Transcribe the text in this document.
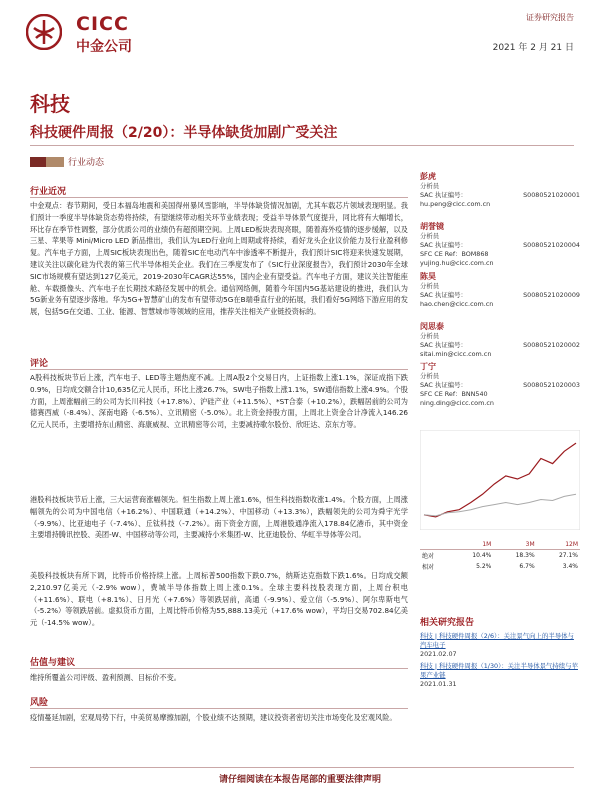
CICC
中金公司
证券研究报告
2021 年 2 月 21 日
科技
科技硬件周报（2/20）：半导体缺货加剧广受关注
行业动态
行业近况
中金观点：春节期间，受日本福岛地震和美国得州暴风雪影响，半导体缺货情况加剧，尤其车载芯片领域表现明显。我们预计一季度半导体缺货态势将持续，有望继续带动相关环节业绩表现；受益半导体景气度提升，同比将有大幅增长，环比存在季节性调整，部分优质公司的业绩仍有超预期空间。上周LED板块表现亮眼，随着海外疫情的逐步缓解，以及三星、苹果等 Mini/Micro LED 新品推出，我们认为LED行业向上周期或将持续，看好龙头企业议价能力及行业盈利修复。汽车电子方面，上周SIC板块表现出色，随着SIC在电动汽车中渗透率不断提升，我们预计SIC将迎来快速发展期，建议关注以碳化硅为代表的第三代半导体相关企业。我们在三季度发布了《SIC行业深度报告》，我们预计2030年全球SIC市场规模有望达到127亿美元，2019-2030年CAGR达55%，国内企业有望受益。汽车电子方面，建议关注智能座舱、车载摄像头、汽车电子在长期技术路径发展中的机会。通信网络侧，随着今年国内5G基站建设的推进，我们认为5G新业务有望逐步落地。华为5G+智慧矿山的发布有望带动5G在B端垂直行业的拓展，我们看好5G网络下游应用的发展，包括5G在交通、工业、能源、智慧城市等领域的应用，推荐关注相关产业链投资标的。
评论
A股科技板块节后上涨，汽车电子、LED等主题热度不减。上周A股2个交易日内，上证指数上涨1.1%，深证成指下跌0.9%，日均成交额合计10,635亿元人民币，环比上涨26.7%，SW电子指数上涨1.1%，SW通信指数上涨4.9%。个股方面，上周涨幅前三的公司为长川科技（+17.8%）、沪硅产业（+11.5%）、*ST合泰（+10.2%），跌幅居前的公司为德赛西威（-8.4%）、深南电路（-6.5%）、立讯精密（-5.0%）。北上资金持股方面，上周北上资金合计净流入146.26亿元人民币，主要增持东山精密、海康威视、立讯精密等公司，主要减持歌尔股份、欣旺达、京东方等。
港股科技板块节后上涨，三大运营商涨幅领先。恒生指数上周上涨1.6%，恒生科技指数收涨1.4%。个股方面，上周涨幅领先的公司为中国电信（+16.2%）、中国联通（+14.2%）、中国移动（+13.3%），跌幅领先的公司为舜宇光学（-9.9%）、比亚迪电子（-7.4%）、丘钛科技（-7.2%）。南下资金方面，上周港股通净流入178.84亿港币，其中资金主要增持腾讯控股、美团-W、中国移动等公司，主要减持小米集团-W、比亚迪股份、华虹半导体等公司。
美股科技板块有所下调，比特币价格持续上涨。上周标普500指数下跌0.7%，纳斯达克指数下跌1.6%。日均成交额2,210.97亿美元（-2.9% wow），费城半导体指数上周上涨0.1%。全球主要科技股表现方面，上周台积电（+11.6%）、联电（+8.1%）、日月光（+7.6%）等领跌居前，高通（-9.9%）、爱立信（-5.9%）、阿尔卑斯电气（-5.2%）等领跌居前。虚拟货币方面，上周比特币价格为55,888.13美元（+17.6% wow），平均日交易702.84亿美元（-14.5% wow）。
估值与建议
维持所覆盖公司评级、盈利预测、目标价不变。
风险
疫情蔓延加剧，宏观局势下行，中美贸易摩擦加剧，个股业绩不达预期，建议投资者密切关注市场变化及宏观风险。
彭虎
分析员
SAC 执证编号：	S0080521020001
hu.peng@cicc.com.cn
胡誉镜
分析员
SAC 执证编号：	S0080521020004
SFC CE Ref：BOM868
yujing.hu@cicc.com.cn
陈昊
分析员
SAC 执证编号：	S0080521020009
hao.chen@cicc.com.cn
闵思泰
分析员
SAC 执证编号：	S0080521020002
sitai.min@cicc.com.cn
丁宁
分析员
SAC 执证编号：	S0080521020003
SFC CE Ref：BNN540
ning.ding@cicc.com.cn
	1M	3M	12M
绝对	10.4%	18.3%	27.1%
相对	5.2%	6.7%	3.4%
相关研究报告
科技 | 科技硬件周报（2/6）：关注景气向上的半导体与汽车电子
2021.02.07
科技 | 科技硬件周报（1/30）：关注半导体景气持续与苹果产业链
2021.01.31
请仔细阅读在本报告尾部的重要法律声明
